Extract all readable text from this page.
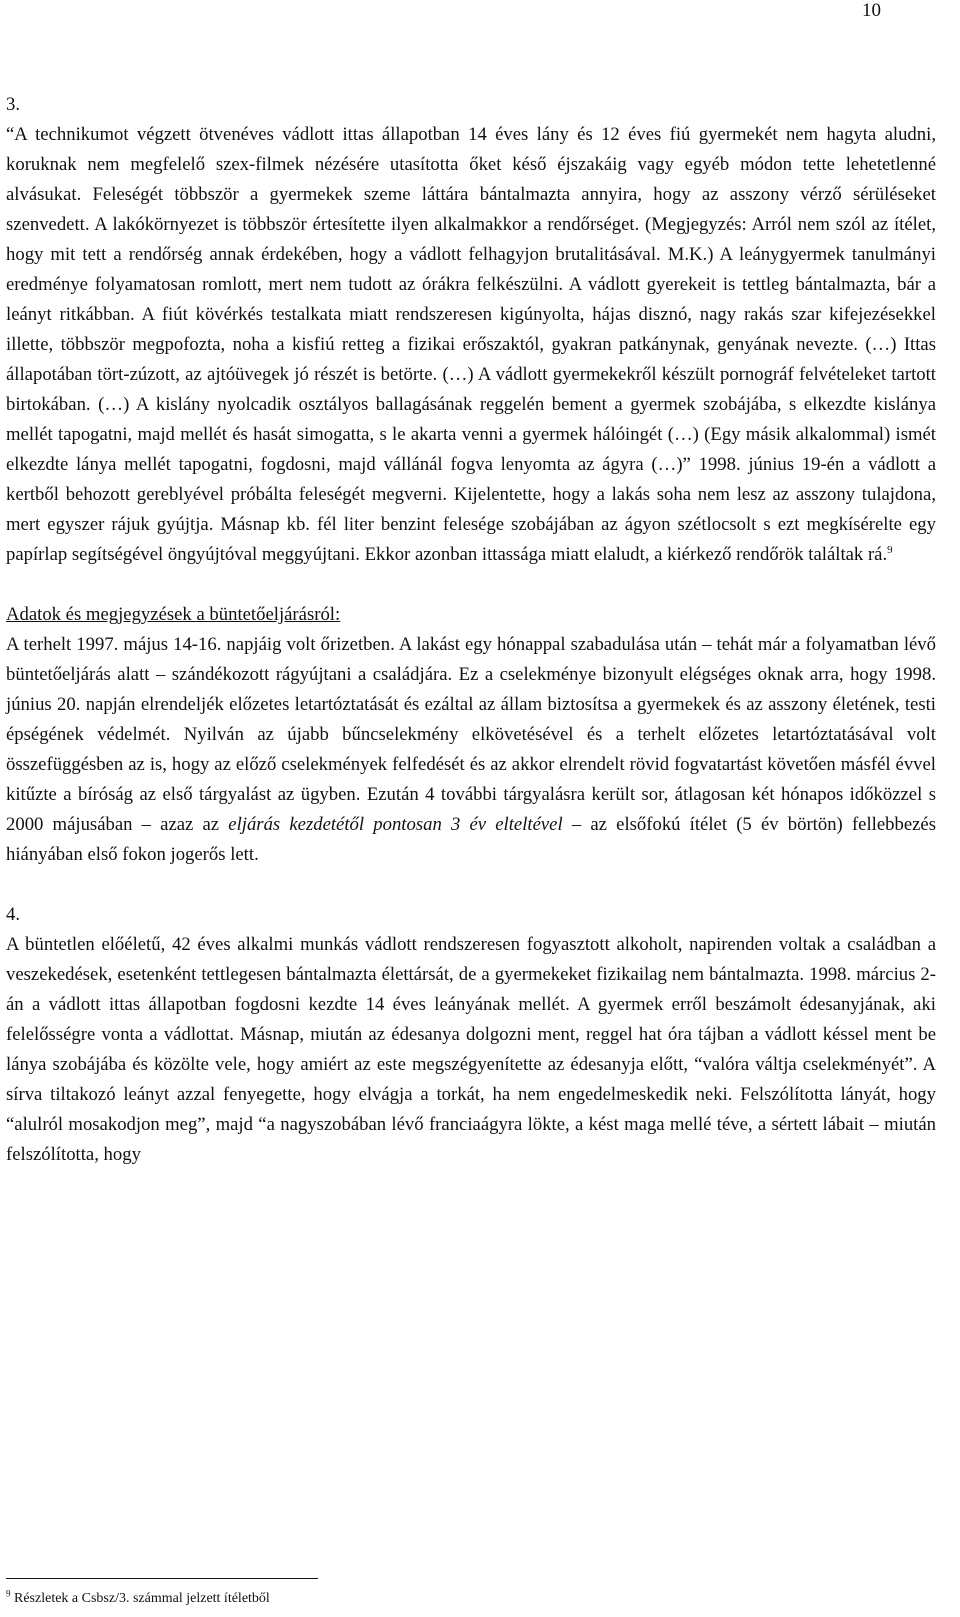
10

3.

“A technikumot végzett ötvenéves vádlott ittas állapotban 14 éves lány és 12 éves fiú gyermekét nem hagyta aludni, koruknak nem megfelelő szex-filmek nézésére utasította őket késő éjszakáig vagy egyéb módon tette lehetetlenné alvásukat. Feleségét többször a gyermekek szeme láttára bántalmazta annyira, hogy az asszony vérző sérüléseket szenvedett. A lakókörnyezet is többször értesítette ilyen alkalmakkor a rendőrséget. (Megjegyzés: Arról nem szól az ítélet, hogy mit tett a rendőrség annak érdekében, hogy a vádlott felhagyjon brutalitásával. M.K.) A leánygyermek tanulmányi eredménye folyamatosan romlott, mert nem tudott az órákra felkészülni. A vádlott gyerekeit is tettleg bántalmazta, bár a leányt ritkábban. A fiút kövérkés testalkata miatt rendszeresen kigúnyolta, hájas disznó, nagy rakás szar kifejezésekkel illette, többször megpofozta, noha a kisfiú retteg a fizikai erőszaktól, gyakran patkánynak, genyának nevezte. (…) Ittas állapotában tört-zúzott, az ajtóüvegek jó részét is betörte. (…) A vádlott gyermekekről készült pornográf felvételeket tartott birtokában. (…) A kislány nyolcadik osztályos ballagásának reggelén bement a gyermek szobájába, s elkezdte kislánya mellét tapogatni, majd mellét és hasát simogatta, s le akarta venni a gyermek hálóingét (…) (Egy másik alkalommal) ismét elkezdte lánya mellét tapogatni, fogdosni, majd vállánál fogva lenyomta az ágyra (…)” 1998. június 19-én a vádlott a kertből behozott gereblyével próbálta feleségét megverni. Kijelentette, hogy a lakás soha nem lesz az asszony tulajdona, mert egyszer rájuk gyújtja. Másnap kb. fél liter benzint felesége szobájában az ágyon szétlocsolt s ezt megkísérelte egy papírlap segítségével öngyújtóval meggyújtani. Ekkor azonban ittassága miatt elaludt, a kiérkező rendőrök találtak rá.$^9$

Adatok és megjegyzések a büntetőeljárásról:

A terhelt 1997. május 14-16. napjáig volt őrizetben. A lakást egy hónappal szabadulása után – tehát már a folyamatban lévő büntetőeljárás alatt – szándékozott rágyújtani a családjára. Ez a cselekménye bizonyult elégséges oknak arra, hogy 1998. június 20. napján elrendeljék előzetes letartóztatását és ezáltal az állam biztosítsa a gyermekek és az asszony életének, testi épségének védelmét. Nyilván az újabb bűncselekmény elkövetésével és a terhelt előzetes letartóztatásával volt összefüggésben az is, hogy az előző cselekmények felfedését és az akkor elrendelt rövid fogvatartást követően másfél évvel kitűzte a bíróság az első tárgyalást az ügyben. Ezután 4 további tárgyalásra került sor, átlagosan két hónapos időközzel s 2000 májusában – azaz az eljárás kezdetétől pontosan 3 év elteltével – az elsőfokú ítélet (5 év börtön) fellebbezés hiányában első fokon jogerős lett.

4.

A büntetlen előéletű, 42 éves alkalmi munkás vádlott rendszeresen fogyasztott alkoholt, napirenden voltak a családban a veszekedések, esetenként tettlegesen bántalmazta élettársát, de a gyermekeket fizikailag nem bántalmazta. 1998. március 2-án a vádlott ittas állapotban fogdosni kezdte 14 éves leányának mellét. A gyermek erről beszámolt édesanyjának, aki felelősségre vonta a vádlottat. Másnap, miután az édesanya dolgozni ment, reggel hat óra tájban a vádlott késsel ment be lánya szobájába és közölte vele, hogy amiért az este megszégyenítette az édesanyja előtt, “valóra váltja cselekményét”. A sírva tiltakozó leányt azzal fenyegette, hogy elvágja a torkát, ha nem engedelmeskedik neki. Felszólította lányát, hogy “alulról mosakodjon meg”, majd “a nagyszobában lévő franciaágyra lökte, a kést maga mellé téve, a sértett lábait – miután felszólította, hogy

$^9$ Részletek a Csbsz/3. számmal jelzett ítéletből
